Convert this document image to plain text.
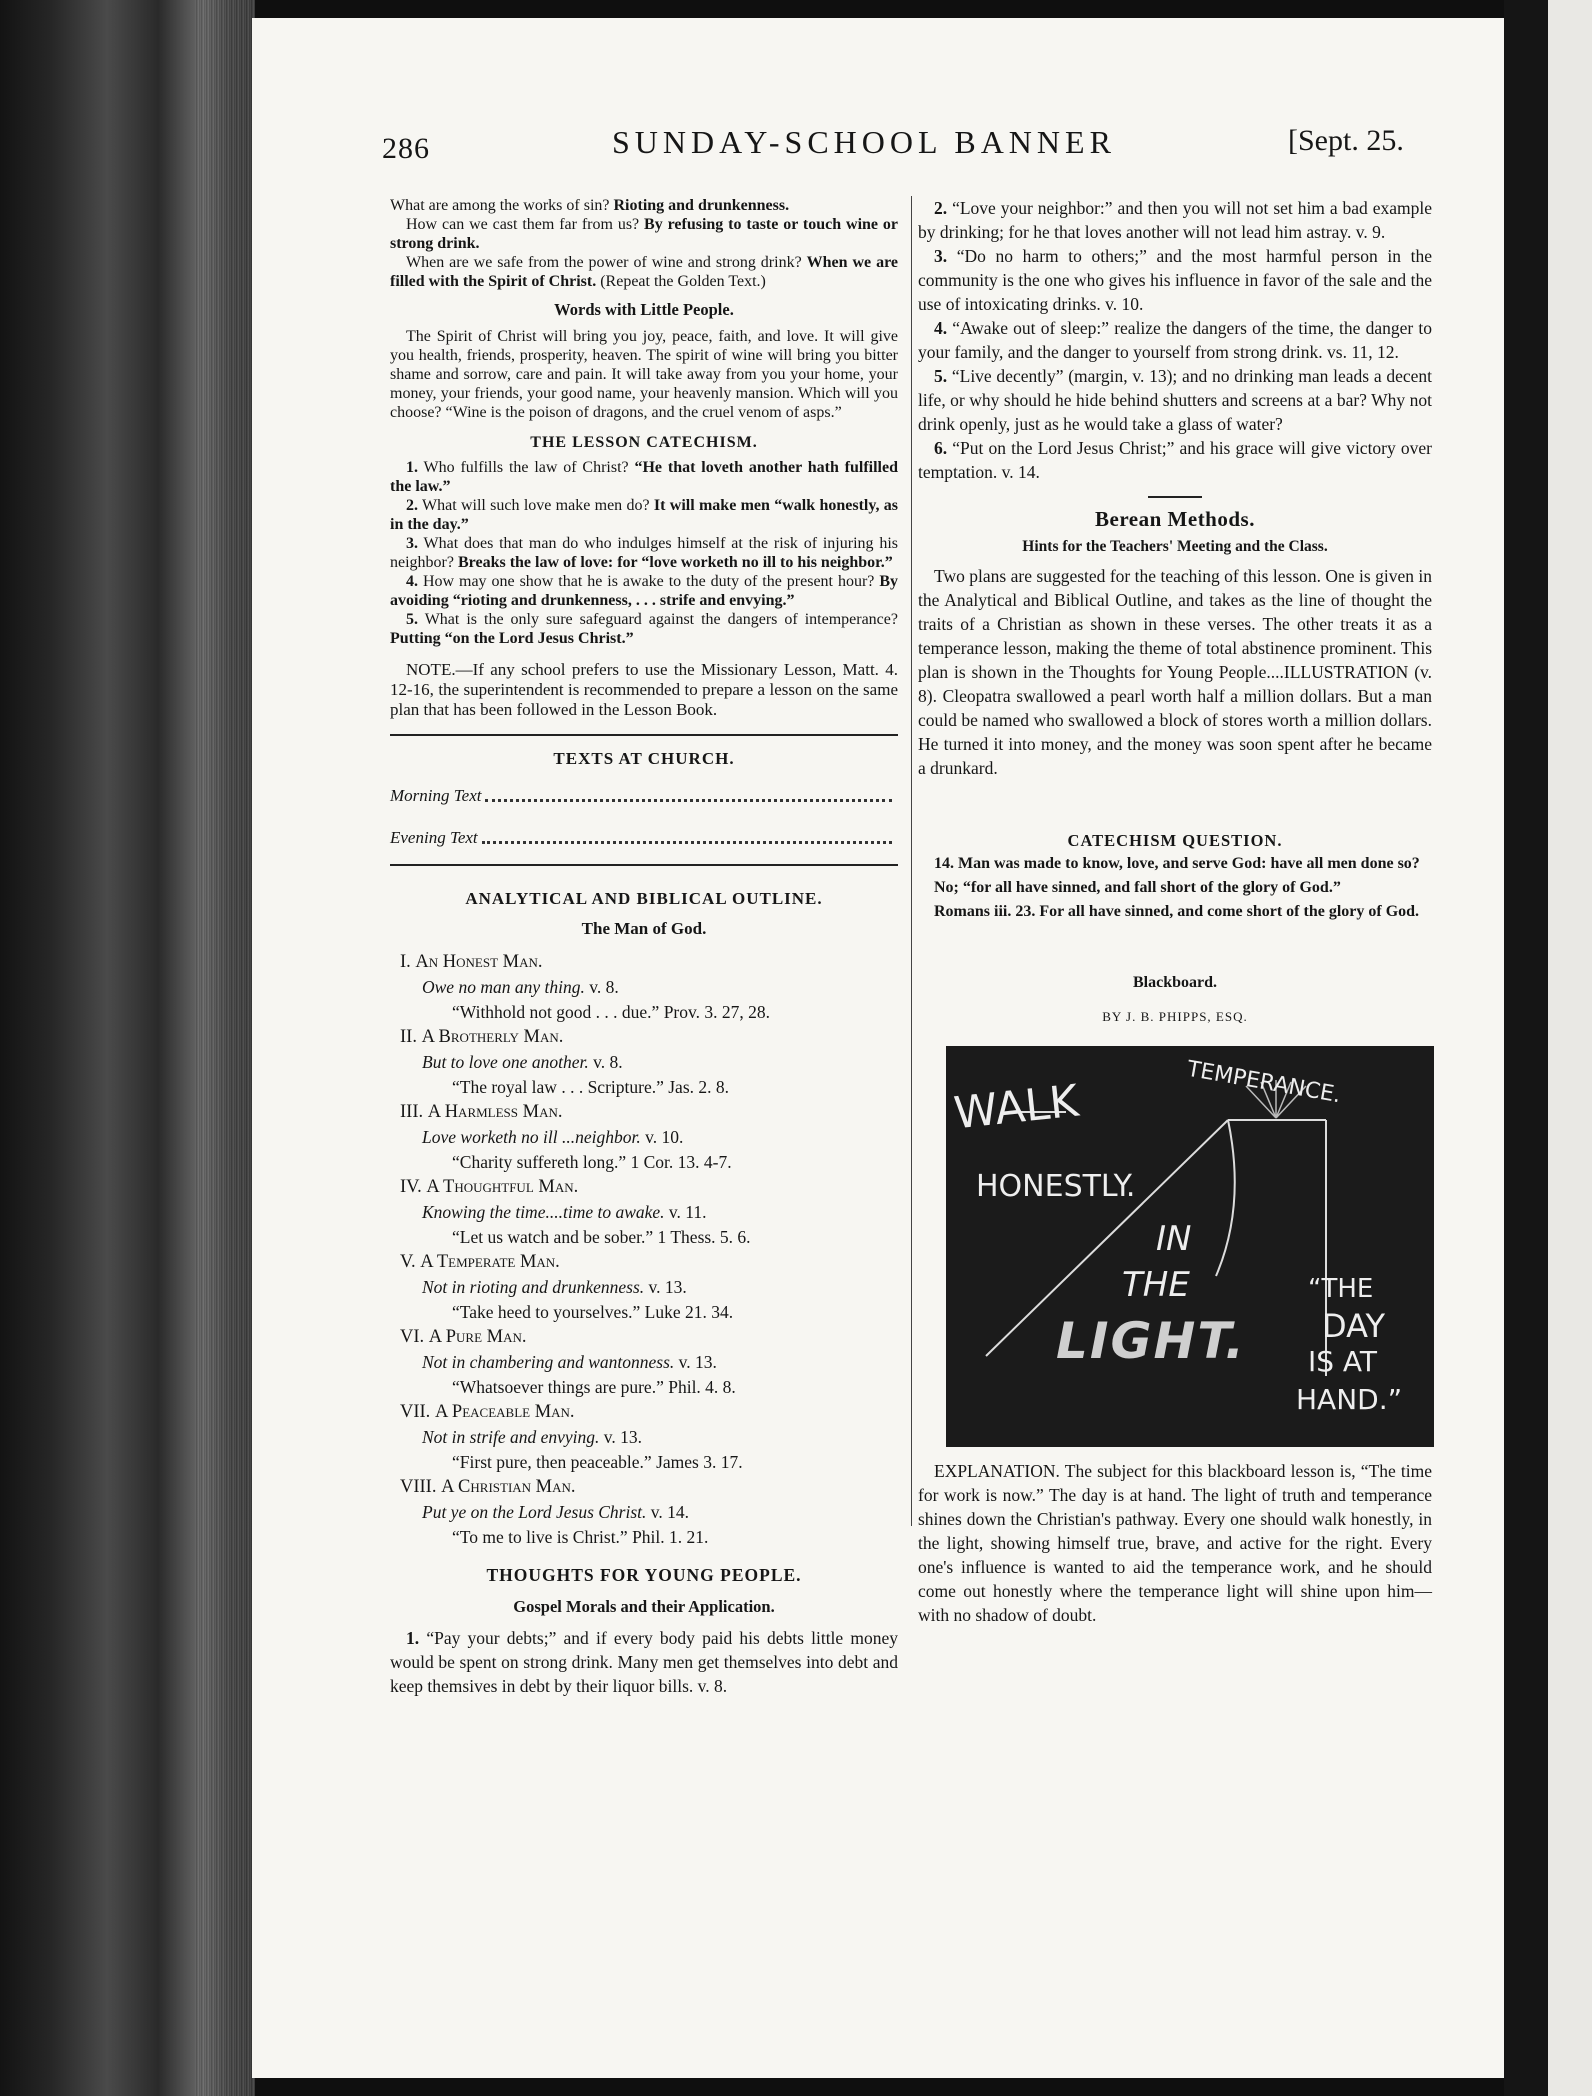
286	SUNDAY-SCHOOL BANNER	[Sept. 25.

What are among the works of sin? Rioting and drunkenness.

How can we cast them far from us? By refusing to taste or touch wine or strong drink.

When are we safe from the power of wine and strong drink? When we are filled with the Spirit of Christ. (Repeat the Golden Text.)

Words with Little People.

The Spirit of Christ will bring you joy, peace, faith, and love. It will give you health, friends, prosperity, heaven. The spirit of wine will bring you bitter shame and sorrow, care and pain. It will take away from you your home, your money, your friends, your good name, your heavenly mansion. Which will you choose? “Wine is the poison of dragons, and the cruel venom of asps.”

THE LESSON CATECHISM.

1. Who fulfills the law of Christ? “He that loveth another hath fulfilled the law.”

2. What will such love make men do? It will make men “walk honestly, as in the day.”

3. What does that man do who indulges himself at the risk of injuring his neighbor? Breaks the law of love: for “love worketh no ill to his neighbor.”

4. How may one show that he is awake to the duty of the present hour? By avoiding “rioting and drunkenness, . . . strife and envying.”

5. What is the only sure safeguard against the dangers of intemperance? Putting “on the Lord Jesus Christ.”

NOTE.—If any school prefers to use the Missionary Lesson, Matt. 4. 12-16, the superintendent is recommended to prepare a lesson on the same plan that has been followed in the Lesson Book.

TEXTS AT CHURCH.
Morning Text
Evening Text
ANALYTICAL AND BIBLICAL OUTLINE.
The Man of God.
I. An Honest Man.
Owe no man any thing. v. 8.
“Withhold not good . . . due.” Prov. 3. 27, 28.
II. A Brotherly Man.
But to love one another. v. 8.
“The royal law . . . Scripture.” Jas. 2. 8.
III. A Harmless Man.
Love worketh no ill ...neighbor. v. 10.
“Charity suffereth long.” 1 Cor. 13. 4-7.
IV. A Thoughtful Man.
Knowing the time....time to awake. v. 11.
“Let us watch and be sober.” 1 Thess. 5. 6.
V. A Temperate Man.
Not in rioting and drunkenness. v. 13.
“Take heed to yourselves.” Luke 21. 34.
VI. A Pure Man.
Not in chambering and wantonness. v. 13.
“Whatsoever things are pure.” Phil. 4. 8.
VII. A Peaceable Man.
Not in strife and envying. v. 13.
“First pure, then peaceable.” James 3. 17.
VIII. A Christian Man.
Put ye on the Lord Jesus Christ. v. 14.
“To me to live is Christ.” Phil. 1. 21.
THOUGHTS FOR YOUNG PEOPLE.
Gospel Morals and their Application.

1. “Pay your debts;” and if every body paid his debts little money would be spent on strong drink. Many men get themselves into debt and keep themsives in debt by their liquor bills. v. 8.

2. “Love your neighbor:” and then you will not set him a bad example by drinking; for he that loves another will not lead him astray. v. 9.

3. “Do no harm to others;” and the most harmful person in the community is the one who gives his influence in favor of the sale and the use of intoxicating drinks. v. 10.

4. “Awake out of sleep:” realize the dangers of the time, the danger to your family, and the danger to yourself from strong drink. vs. 11, 12.

5. “Live decently” (margin, v. 13); and no drinking man leads a decent life, or why should he hide behind shutters and screens at a bar? Why not drink openly, just as he would take a glass of water?

6. “Put on the Lord Jesus Christ;” and his grace will give victory over temptation. v. 14.

Berean Methods.
Hints for the Teachers' Meeting and the Class.

Two plans are suggested for the teaching of this lesson. One is given in the Analytical and Biblical Outline, and takes as the line of thought the traits of a Christian as shown in these verses. The other treats it as a temperance lesson, making the theme of total abstinence prominent. This plan is shown in the Thoughts for Young People....ILLUSTRATION (v. 8). Cleopatra swallowed a pearl worth half a million dollars. But a man could be named who swallowed a block of stores worth a million dollars. He turned it into money, and the money was soon spent after he became a drunkard.

CATECHISM QUESTION.

14. Man was made to know, love, and serve God: have all men done so?

No; “for all have sinned, and fall short of the glory of God.”

Romans iii. 23. For all have sinned, and come short of the glory of God.

Blackboard.
BY J. B. PHIPPS, ESQ.
WALK	TEMPERANCE.
HONESTLY.
IN
THE
LIGHT.
“THE
DAY
IS AT
HAND.”

EXPLANATION. The subject for this blackboard lesson is, “The time for work is now.” The day is at hand. The light of truth and temperance shines down the Christian's pathway. Every one should walk honestly, in the light, showing himself true, brave, and active for the right. Every one's influence is wanted to aid the temperance work, and he should come out honestly where the temperance light will shine upon him—with no shadow of doubt.
